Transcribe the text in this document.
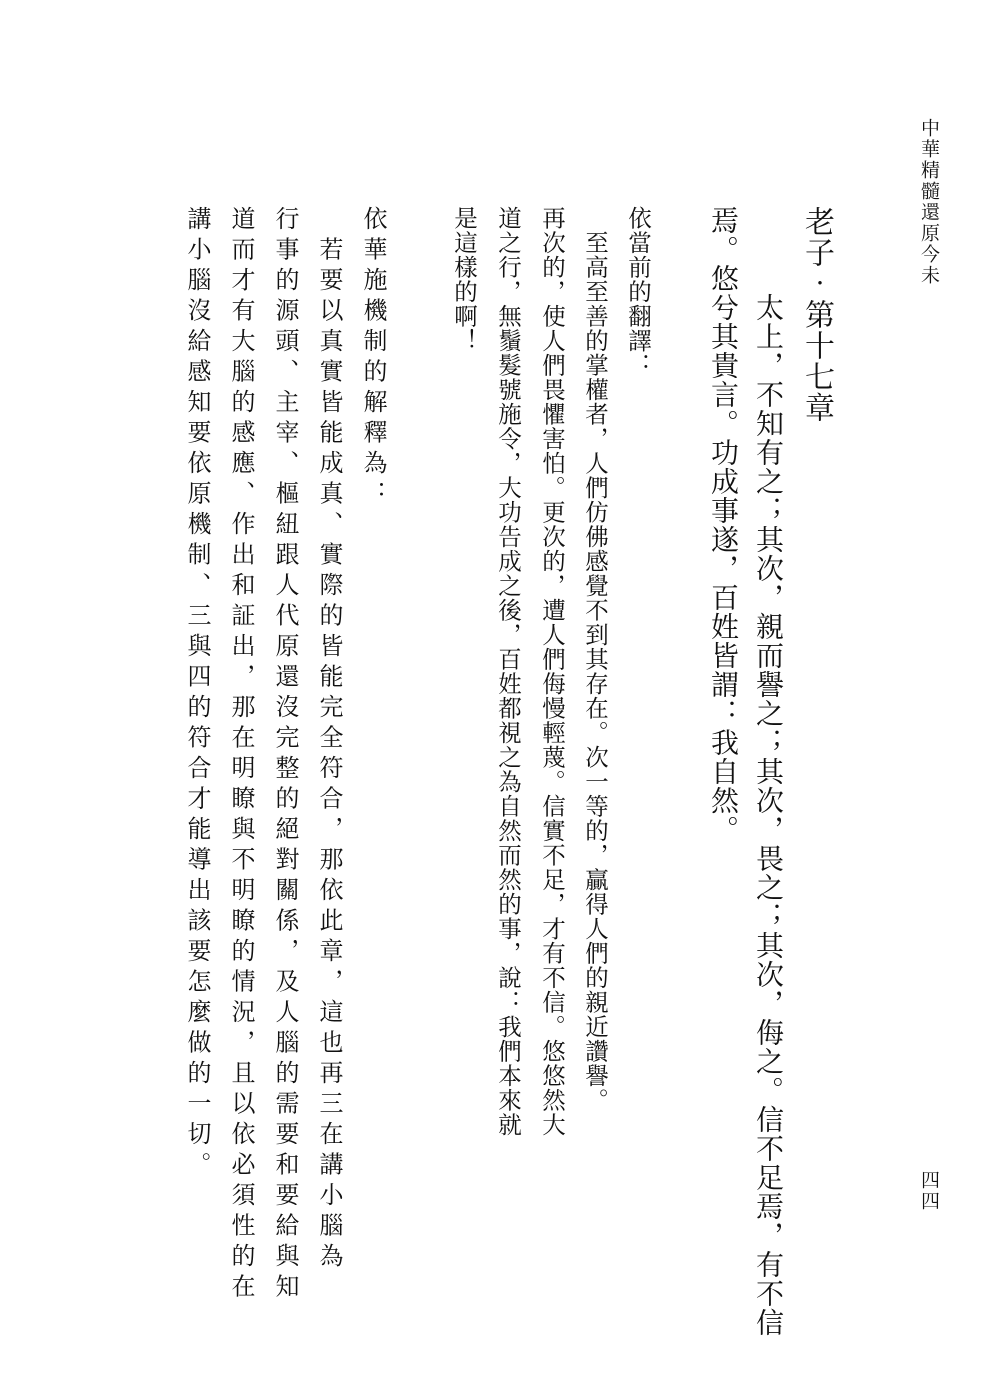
中華精髓還原今未
四四
老子‧第十七章
　太上，不知有之；其次，親而譽之；其次，畏之；其次，侮之。信不足焉，有不信
焉。悠兮其貴言。功成事遂，百姓皆謂：我自然。
依當前的翻譯：
　至高至善的掌權者，人們仿佛感覺不到其存在。次一等的，贏得人們的親近讚譽。
再次的，使人們畏懼害怕。更次的，遭人們侮慢輕蔑。信實不足，才有不信。悠悠然大
道之行，無鬚髮號施令，大功告成之後，百姓都視之為自然而然的事，說：我們本來就
是這樣的啊！
依華施機制的解釋為：
　若要以真實皆能成真、實際的皆能完全符合，那依此章，這也再三在講小腦為
行事的源頭、主宰、樞紐跟人代原還沒完整的絕對關係，及人腦的需要和要給與知
道而才有大腦的感應、作出和証出，那在明瞭與不明瞭的情況，且以依必須性的在
講小腦沒給感知要依原機制、三與四的符合才能導出該要怎麼做的一切。
